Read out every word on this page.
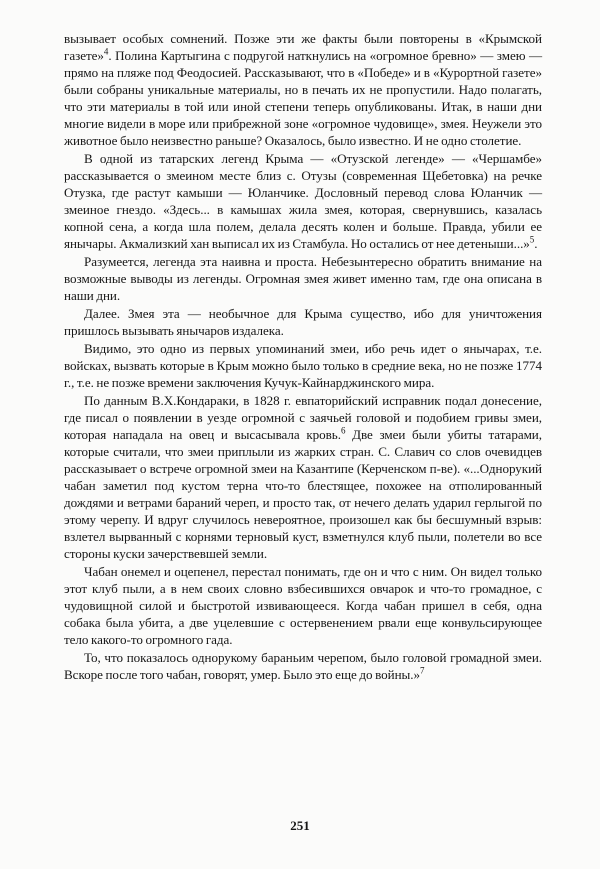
вызывает особых сомнений. Позже эти же факты были повторены в «Крымской газете»$^4$. Полина Картыгина с подругой наткнулись на «огромное бревно» — змею — прямо на пляже под Феодосией. Рассказывают, что в «Победе» и в «Курортной газете» были собраны уникальные материалы, но в печать их не пропустили. Надо полагать, что эти материалы в той или иной степени теперь опубликованы. Итак, в наши дни многие видели в море или прибрежной зоне «огромное чудовище», змея. Неужели это животное было неизвестно раньше? Оказалось, было известно. И не одно столетие.

В одной из татарских легенд Крыма — «Отузской легенде» — «Чершамбе» рассказывается о змеином месте близ с. Отузы (современная Щебетовка) на речке Отузка, где растут камыши — Юланчике. Дословный перевод слова Юланчик — змеиное гнездо. «Здесь... в камышах жила змея, которая, свернувшись, казалась копной сена, а когда шла полем, делала десять колен и больше. Правда, убили ее янычары. Акмализкий хан выписал их из Стамбула. Но остались от нее детеныши...»$^5$.

Разумеется, легенда эта наивна и проста. Небезынтересно обратить внимание на возможные выводы из легенды. Огромная змея живет именно там, где она описана в наши дни.

Далее. Змея эта — необычное для Крыма существо, ибо для уничтожения пришлось вызывать янычаров издалека.

Видимо, это одно из первых упоминаний змеи, ибо речь идет о янычарах, т.е. войсках, вызвать которые в Крым можно было только в средние века, но не позже 1774 г., т.е. не позже времени заключения Кучук-Кайнарджинского мира.

По данным В.Х.Кондараки, в 1828 г. евпаторийский исправник подал донесение, где писал о появлении в уезде огромной с заячьей головой и подобием гривы змеи, которая нападала на овец и высасывала кровь.$^6$ Две змеи были убиты татарами, которые считали, что змеи приплыли из жарких стран. С. Славич со слов очевидцев рассказывает о встрече огромной змеи на Казантипе (Керченском п-ве). «...Однорукий чабан заметил под кустом терна что-то блестящее, похожее на отполированный дождями и ветрами бараний череп, и просто так, от нечего делать ударил герлыгой по этому черепу. И вдруг случилось невероятное, произошел как бы бесшумный взрыв: взлетел вырванный с корнями терновый куст, взметнулся клуб пыли, полетели во все стороны куски зачерствевшей земли.

Чабан онемел и оцепенел, перестал понимать, где он и что с ним. Он видел только этот клуб пыли, а в нем своих словно взбесившихся овчарок и что-то громадное, с чудовищной силой и быстротой извивающееся. Когда чабан пришел в себя, одна собака была убита, а две уцелевшие с остервенением рвали еще конвульсирующее тело какого-то огромного гада.

То, что показалось однорукому бараньим черепом, было головой громадной змеи. Вскоре после того чабан, говорят, умер. Было это еще до войны.»$^7$

251
